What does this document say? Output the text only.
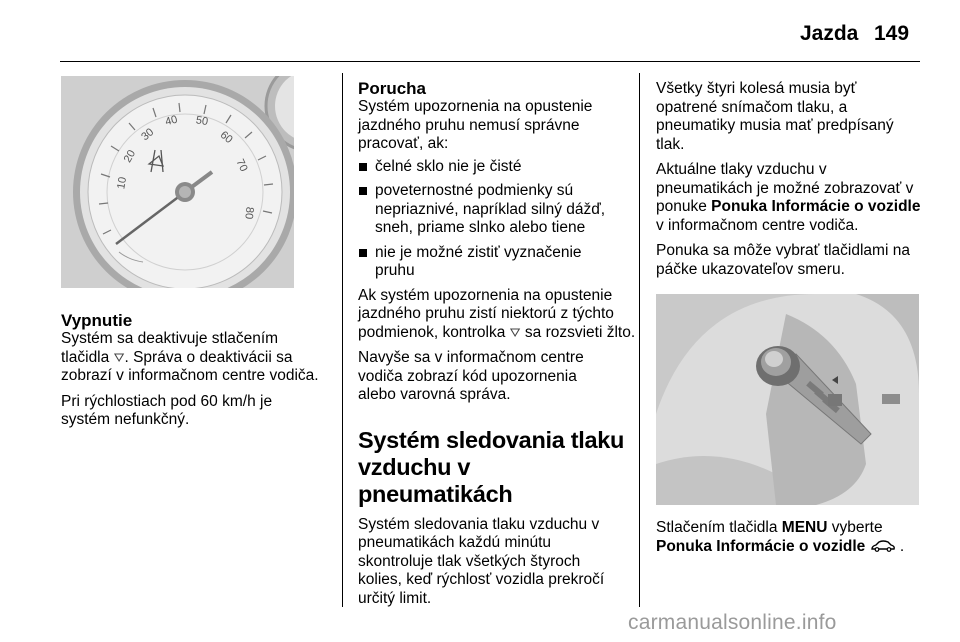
Jazda 149
10
20
30
40 50
60
70
80
Vypnutie

Systém sa deaktivuje stlačením

tlačidla ⛛. Správa o deaktivácii sa

zobrazí v informačnom centre vodiča.

Pri rýchlostiach pod 60 km/h je systém nefunkčný.

Porucha

Systém upozornenia na opustenie jazdného pruhu nemusí správne pracovať, ak:

čelné sklo nie je čisté
poveternostné podmienky sú nepriaznivé, napríklad silný dážď, sneh, priame slnko alebo tiene
nie je možné zistiť vyznačenie pruhu

Ak systém upozornenia na opustenie jazdného pruhu zistí niektorú z týchto podmienok, kontrolka ⛛ sa rozsvieti žlto.

Navyše sa v informačnom centre vodiča zobrazí kód upozornenia alebo varovná správa.

Systém sledovania tlaku vzduchu v pneumatikách

Systém sledovania tlaku vzduchu v pneumatikách každú minútu skontroluje tlak všetkých štyroch kolies, keď rýchlosť vozidla prekročí určitý limit.

Všetky štyri kolesá musia byť opatrené snímačom tlaku, a pneumatiky musia mať predpísaný tlak.

Aktuálne tlaky vzduchu v pneumatikách je možné zobrazovať v ponuke Ponuka Informácie o vozidle v informačnom centre vodiča.

Ponuka sa môže vybrať tlačidlami na páčke ukazovateľov smeru.

Stlačením tlačidla MENU vyberte

Ponuka Informácie o vozidle .

carmanualsonline.info
